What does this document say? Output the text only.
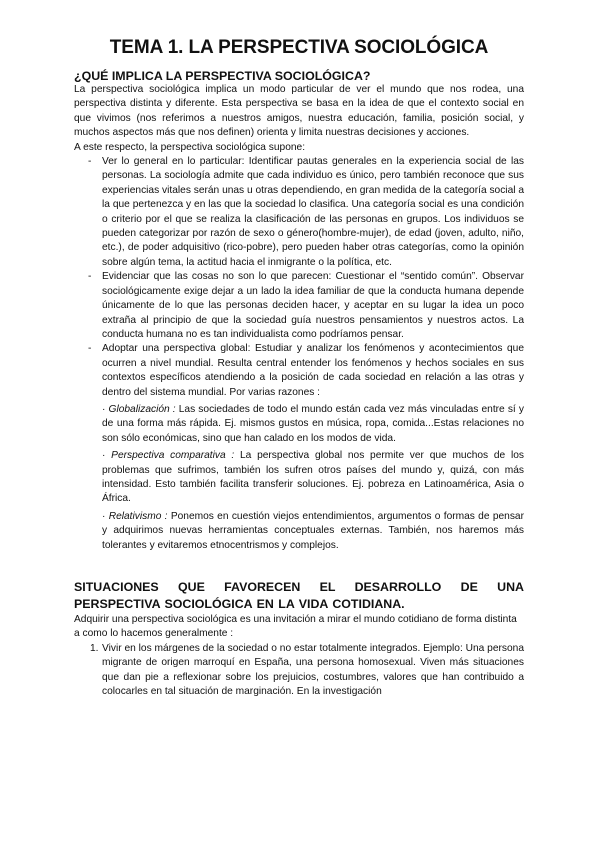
TEMA 1. LA PERSPECTIVA SOCIOLÓGICA
¿QUÉ IMPLICA LA PERSPECTIVA SOCIOLÓGICA?

La perspectiva sociológica implica un modo particular de ver el mundo que nos rodea, una perspectiva distinta y diferente. Esta perspectiva se basa en la idea de que el contexto social en que vivimos (nos referimos a nuestros amigos, nuestra educación, familia, posición social, y muchos aspectos más que nos definen) orienta y limita nuestras decisiones y acciones.

A este respecto, la perspectiva sociológica supone:

- Ver lo general en lo particular: Identificar pautas generales en la experiencia social de las personas. La sociología admite que cada individuo es único, pero también reconoce que sus experiencias vitales serán unas u otras dependiendo, en gran medida de la categoría social a la que pertenezca y en las que la sociedad lo clasifica. Una categoría social es una condición o criterio por el que se realiza la clasificación de las personas en grupos. Los individuos se pueden categorizar por razón de sexo o género(hombre-mujer), de edad (joven, adulto, niño, etc.), de poder adquisitivo (rico-pobre), pero pueden haber otras categorías, como la opinión sobre algún tema, la actitud hacia el inmigrante o la política, etc.
- Evidenciar que las cosas no son lo que parecen: Cuestionar el “sentido común”. Observar sociológicamente exige dejar a un lado la idea familiar de que la conducta humana depende únicamente de lo que las personas deciden hacer, y aceptar en su lugar la idea un poco extraña al principio de que la sociedad guía nuestros pensamientos y nuestros actos. La conducta humana no es tan individualista como podríamos pensar.
- Adoptar una perspectiva global: Estudiar y analizar los fenómenos y acontecimientos que ocurren a nivel mundial. Resulta central entender los fenómenos y hechos sociales en sus contextos específicos atendiendo a la posición de cada sociedad en relación a las otras y dentro del sistema mundial. Por varias razones :
· Globalización : Las sociedades de todo el mundo están cada vez más vinculadas entre sí y de una forma más rápida. Ej. mismos gustos en música, ropa, comida...Estas relaciones no son sólo económicas, sino que han calado en los modos de vida.
· Perspectiva comparativa : La perspectiva global nos permite ver que muchos de los problemas que sufrimos, también los sufren otros países del mundo y, quizá, con más intensidad. Esto también facilita transferir soluciones. Ej. pobreza en Latinoamérica, Asia o África.
· Relativismo : Ponemos en cuestión viejos entendimientos, argumentos o formas de pensar y adquirimos nuevas herramientas conceptuales externas. También, nos haremos más tolerantes y evitaremos etnocentrismos y complejos.
SITUACIONES QUE FAVORECEN EL DESARROLLO DE UNA PERSPECTIVA SOCIOLÓGICA EN LA VIDA COTIDIANA.

Adquirir una perspectiva sociológica es una invitación a mirar el mundo cotidiano de forma distinta a como lo hacemos generalmente :

1. Vivir en los márgenes de la sociedad o no estar totalmente integrados. Ejemplo: Una persona migrante de origen marroquí en España, una persona homosexual. Viven más situaciones que dan pie a reflexionar sobre los prejuicios, costumbres, valores que han contribuido a colocarles en tal situación de marginación. En la investigación
